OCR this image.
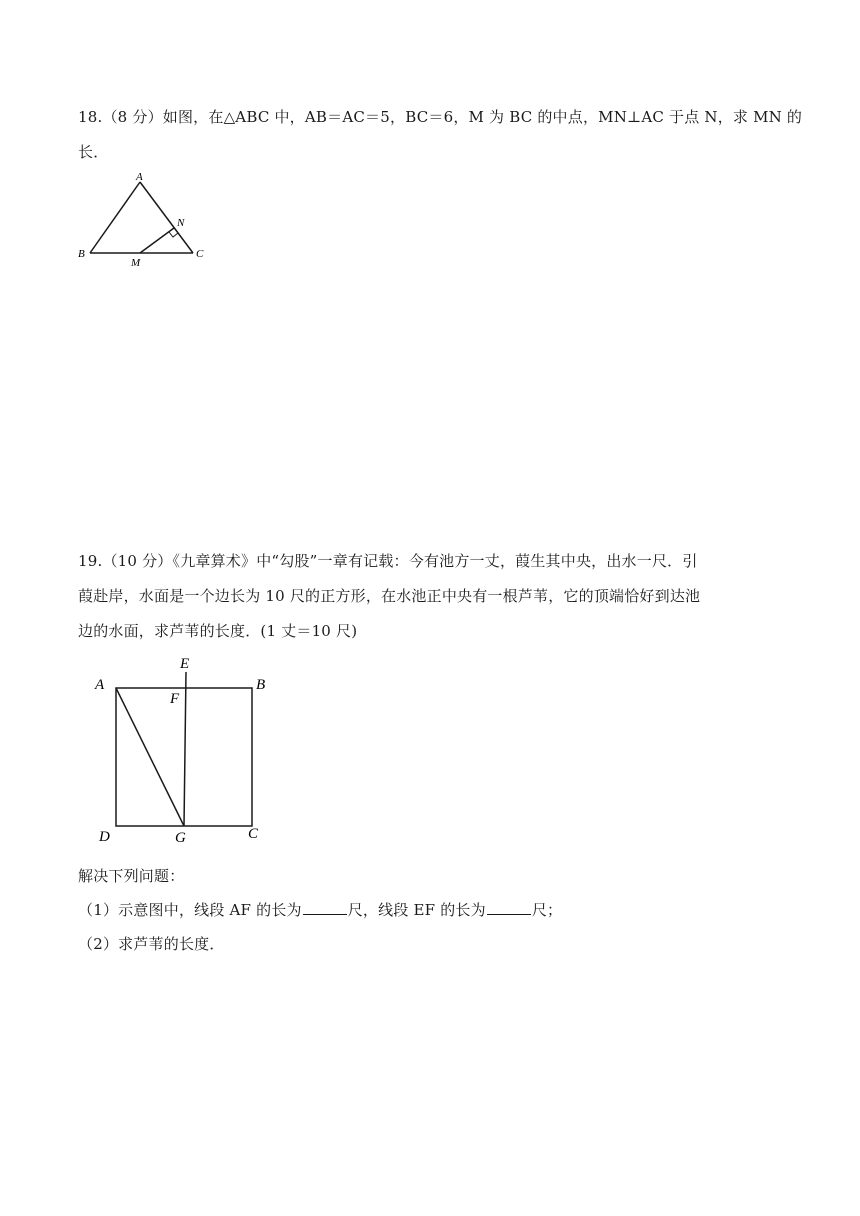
18.（8 分）如图，在△ABC 中，AB＝AC＝5，BC＝6，M 为 BC 的中点，MN⊥AC 于点 N，求 MN 的
长．
A
B	C
M
N
19.（10 分）《九章算术》中“勾股”一章有记载：今有池方一丈，葭生其中央，出水一尺．引
葭赴岸，水面是一个边长为 10 尺的正方形，在水池正中央有一根芦苇，它的顶端恰好到达池
边的水面，求芦苇的长度．(1 丈＝10 尺)
A	B
C
D
E
F
G
解决下列问题：
（1）示意图中，线段 AF 的长为	尺，线段 EF 的长为	尺；
（2）求芦苇的长度．
